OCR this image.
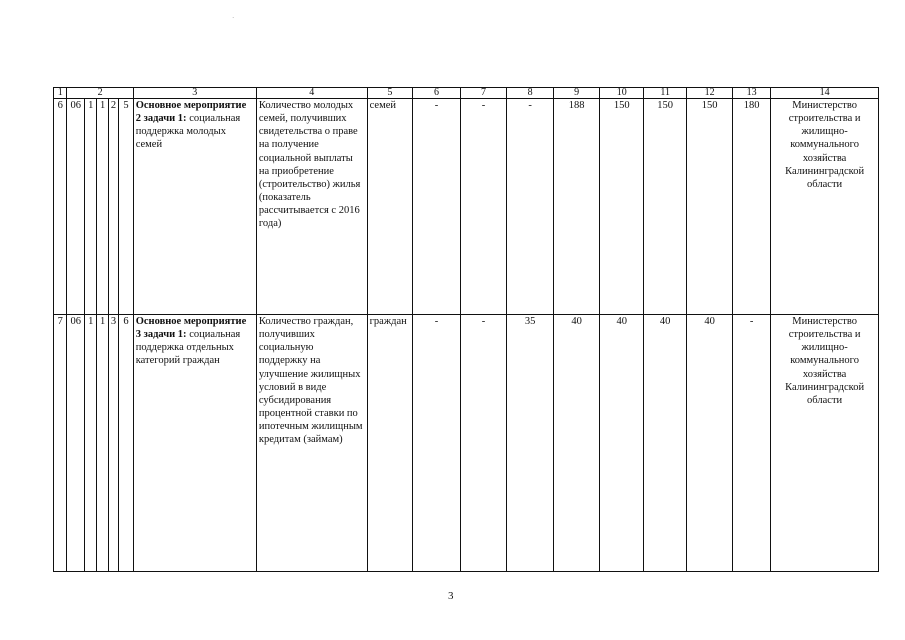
·
1	2					3	4	5	6	7	8	9	10	11	12	13	14
6	06	1	1	2	5	Основное мероприятие 2 задачи 1: социальная поддержка молодых семей	Количество молодых семей, получивших свидетельства о праве на получение социальной выплаты на приобретение (строительство) жилья (показатель рассчитывается с 2016 года)	семей	-	-	-	188	150	150	150	180	Министерство строительства и жилищно-коммунального хозяйства Калининградской области
7	06	1	1	3	6	Основное мероприятие 3 задачи 1: социальная поддержка отдельных категорий граждан	Количество граждан, получивших социальную поддержку на улучшение жилищных условий в виде субсидирования процентной ставки по ипотечным жилищным кредитам (займам)	граждан	-	-	35	40	40	40	40	-	Министерство строительства и жилищно-коммунального хозяйства Калининградской области
3
